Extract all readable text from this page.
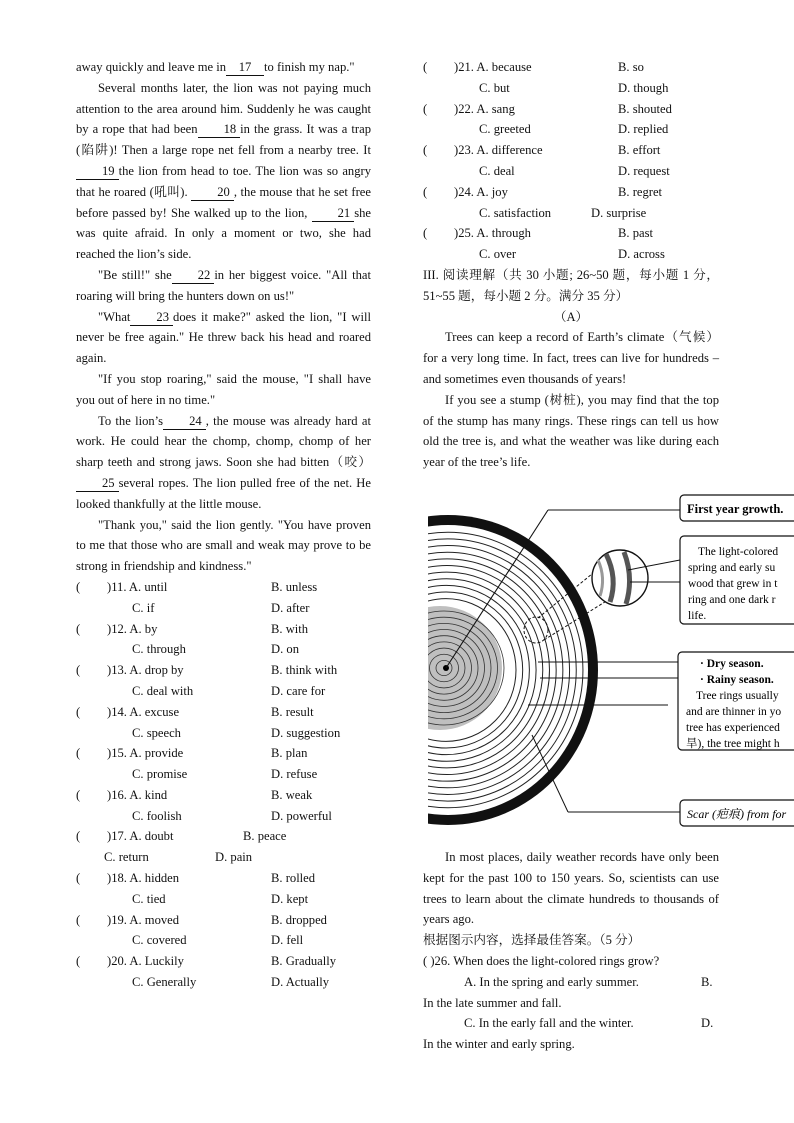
away quickly and leave me in 17 to finish my nap."

Several months later, the lion was not paying much attention to the area around him. Suddenly he was caught by a rope that had been 18 in the grass. It was a trap (陷阱)! Then a large rope net fell from a nearby tree. It19 the lion from head to toe. The lion was so angry that he roared (吼叫). 20 , the mouse that he set free before passed by! She walked up to the lion, 21 she was quite afraid. In only a moment or two, she had reached the lion’s side.

"Be still!" she 22 in her biggest voice. "All that roaring will bring the hunters down on us!"

"What 23 does it make?" asked the lion, "I will never be free again." He threw back his head and roared again.

"If you stop roaring," said the mouse, "I shall have you out of here in no time."

To the lion’s 24 , the mouse was already hard at work. He could hear the chomp, chomp, chomp of her sharp teeth and strong jaws. Soon she had bitten（咬）25 several ropes. The lion pulled free of the net. He looked thankfully at the little mouse.

"Thank you," said the lion gently. "You have proven to me that those who are small and weak may prove to be strong in friendship and kindness."

( )11. A. until	B. unless
C. if	D. after
( )12. A. by	B. with
C. through	D. on
( )13. A. drop by	B. think with
C. deal with	D. care for
( )14. A. excuse	B. result
C. speech	D. suggestion
( )15. A. provide	B. plan
C. promise	D. refuse
( )16. A. kind	B. weak
C. foolish	D. powerful
( )17. A. doubt	B. peace
C. return	D. pain
( )18. A. hidden	B. rolled
C. tied	D. kept
( )19. A. moved	B. dropped
C. covered	D. fell
( )20. A. Luckily	B. Gradually
C. Generally	D. Actually
( )21. A. because	B. so
C. but	D. though
( )22. A. sang	B. shouted
C. greeted	D. replied
( )23. A. difference	B. effort
C. deal	D. request
( )24. A. joy	B. regret
C. satisfaction	D. surprise
( )25. A. through	B. past
C. over	D. across

III. 阅读理解（共 30 小题; 26~50 题，每小题 1 分，51~55 题，每小题 2 分。满分 35 分）

（A）

Trees can keep a record of Earth’s climate（气候）for a very long time. In fact, trees can live for hundreds – and sometimes even thousands of years!

If you see a stump (树桩), you may find that the top of the stump has many rings. These rings can tell us how old the tree is, and what the weather was like during each year of the tree’s life.

First year growth.
The light-colored
spring and early su
wood that grew in t
ring and one dark r
life.
· Dry season.
· Rainy season.
Tree rings usually
and are thinner in yo
tree has experienced
旱), the tree might h
Scar (疤痕) from for

In most places, daily weather records have only been kept for the past 100 to 150 years. So, scientists can use trees to learn about the climate hundreds to thousands of years ago.

根据图示内容，选择最佳答案。（5 分）

( )26. When does the light-colored rings grow?
A. In the spring and early summer.	B.
In the late summer and fall.
C. In the early fall and the winter.	D.
In the winter and early spring.
